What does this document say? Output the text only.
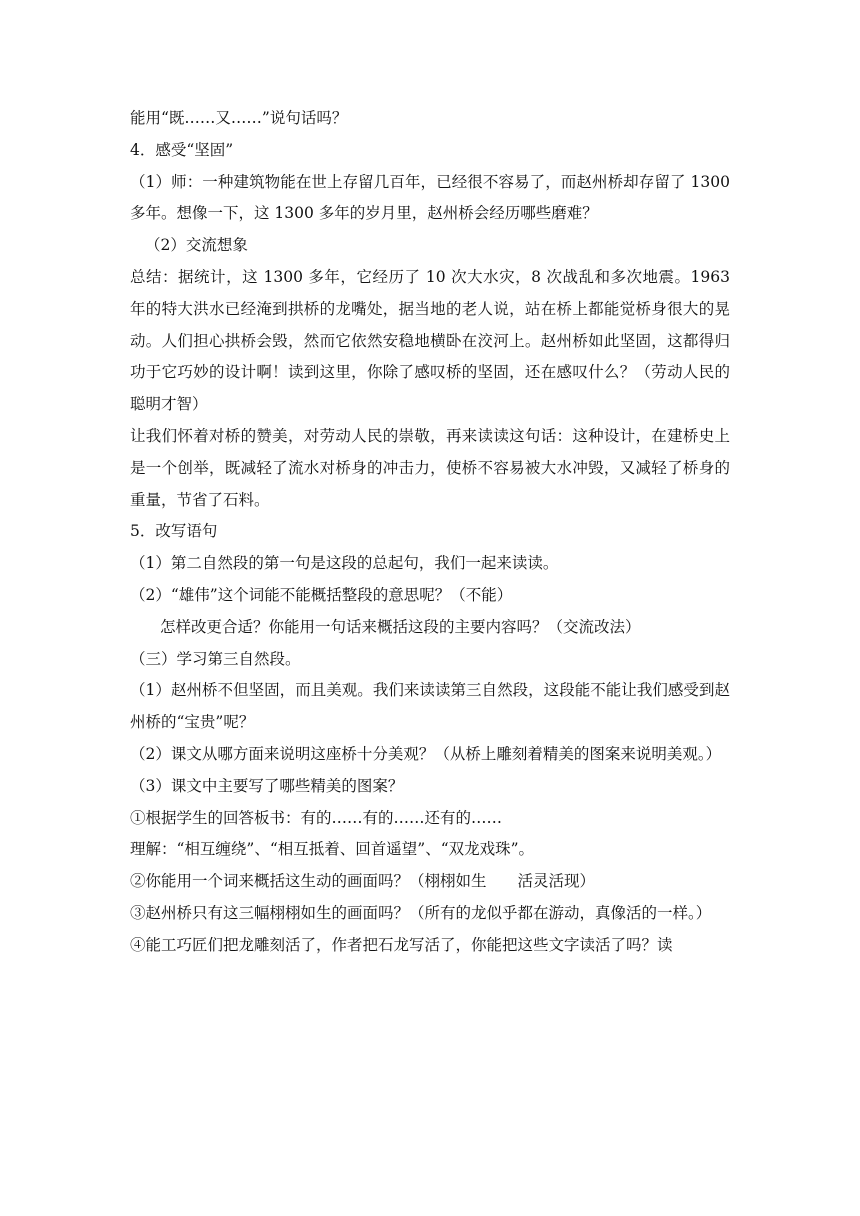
能用“既……又……”说句话吗？

4．感受“坚固”

（1）师：一种建筑物能在世上存留几百年，已经很不容易了，而赵州桥却存留了 1300 多年。想像一下，这 1300 多年的岁月里，赵州桥会经历哪些磨难？

（2）交流想象

总结：据统计，这 1300 多年，它经历了 10 次大水灾，8 次战乱和多次地震。1963 年的特大洪水已经淹到拱桥的龙嘴处，据当地的老人说，站在桥上都能觉桥身很大的晃动。人们担心拱桥会毁，然而它依然安稳地横卧在洨河上。赵州桥如此坚固，这都得归功于它巧妙的设计啊！读到这里，你除了感叹桥的坚固，还在感叹什么？（劳动人民的聪明才智）

让我们怀着对桥的赞美，对劳动人民的崇敬，再来读读这句话：这种设计，在建桥史上是一个创举，既减轻了流水对桥身的冲击力，使桥不容易被大水冲毁，又减轻了桥身的重量，节省了石料。

5．改写语句

（1）第二自然段的第一句是这段的总起句，我们一起来读读。

（2）“雄伟”这个词能不能概括整段的意思呢？（不能）

怎样改更合适？你能用一句话来概括这段的主要内容吗？（交流改法）

（三）学习第三自然段。

（1）赵州桥不但坚固，而且美观。我们来读读第三自然段，这段能不能让我们感受到赵州桥的“宝贵”呢？

（2）课文从哪方面来说明这座桥十分美观？（从桥上雕刻着精美的图案来说明美观。）

（3）课文中主要写了哪些精美的图案？

①根据学生的回答板书：有的……有的……还有的……

理解：“相互缠绕”、“相互抵着、回首遥望”、“双龙戏珠”。

②你能用一个词来概括这生动的画面吗？（栩栩如生　　活灵活现）

③赵州桥只有这三幅栩栩如生的画面吗？（所有的龙似乎都在游动，真像活的一样。）

④能工巧匠们把龙雕刻活了，作者把石龙写活了，你能把这些文字读活了吗？读
